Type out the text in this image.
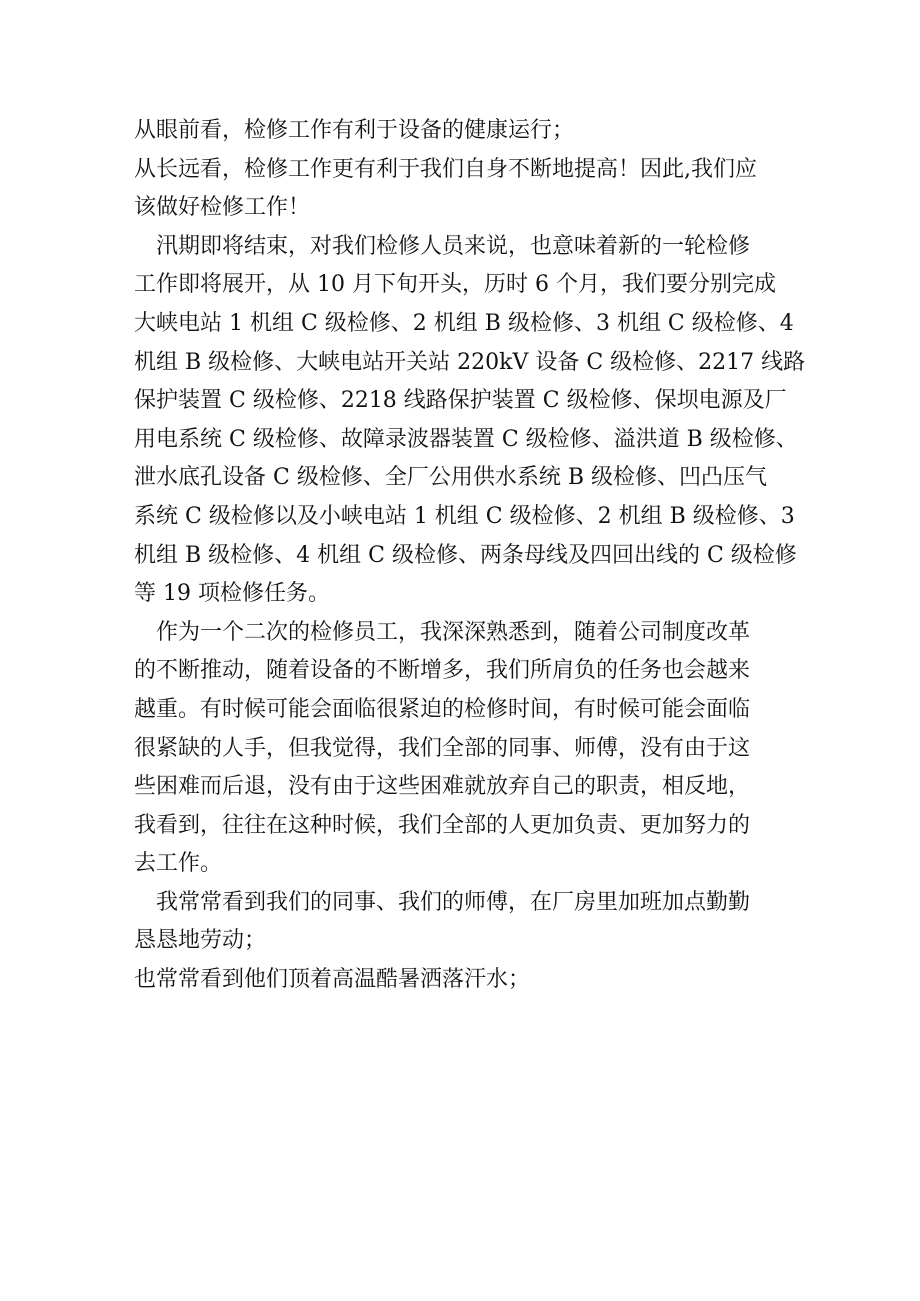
从眼前看，检修工作有利于设备的健康运行；
从长远看，检修工作更有利于我们自身不断地提高！因此,我们应
该做好检修工作！
　汛期即将结束，对我们检修人员来说，也意味着新的一轮检修
工作即将展开，从 10 月下旬开头，历时 6 个月，我们要分别完成
大峡电站 1 机组 C 级检修、2 机组 B 级检修、3 机组 C 级检修、4
机组 B 级检修、大峡电站开关站 220kV 设备 C 级检修、2217 线路
保护装置 C 级检修、2218 线路保护装置 C 级检修、保坝电源及厂
用电系统 C 级检修、故障录波器装置 C 级检修、溢洪道 B 级检修、
泄水底孔设备 C 级检修、全厂公用供水系统 B 级检修、凹凸压气
系统 C 级检修以及小峡电站 1 机组 C 级检修、2 机组 B 级检修、3
机组 B 级检修、4 机组 C 级检修、两条母线及四回出线的 C 级检修
等 19 项检修任务。
　作为一个二次的检修员工，我深深熟悉到，随着公司制度改革
的不断推动，随着设备的不断增多，我们所肩负的任务也会越来
越重。有时候可能会面临很紧迫的检修时间，有时候可能会面临
很紧缺的人手，但我觉得，我们全部的同事、师傅，没有由于这
些困难而后退，没有由于这些困难就放弃自己的职责，相反地，
我看到，往往在这种时候，我们全部的人更加负责、更加努力的
去工作。
　我常常看到我们的同事、我们的师傅，在厂房里加班加点勤勤
恳恳地劳动；
也常常看到他们顶着高温酷暑洒落汗水；
